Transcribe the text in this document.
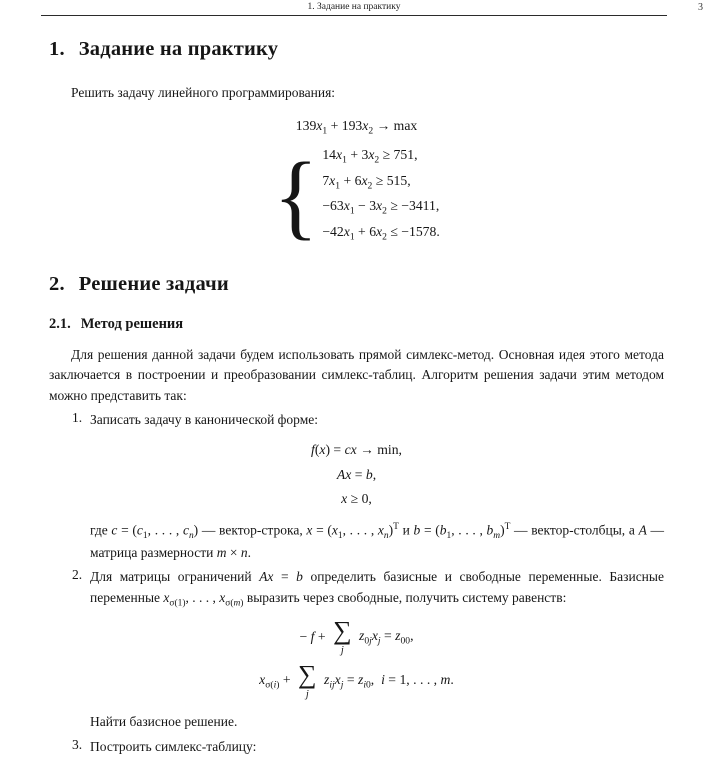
1. Задание на практику	3
1. Задание на практику

Решить задачу линейного программирования:

$139x_1 + 193x_2 \to \max$
{ $14x_1 + 3x_2 \ge 751$,
$7x_1 + 6x_2 \ge 515$,
$-63x_1 - 3x_2 \ge -3411$,
$-42x_1 + 6x_2 \le -1578$.
2. Решение задачи
2.1. Метод решения

Для решения данной задачи будем использовать прямой симлекс-метод. Основная идея этого метода заключается в построении и преобразовании симлекс-таблиц. Алгоритм решения задачи этим методом можно представить так:

1. Записать задачу в канонической форме:
f(x) = cx → min,
Ax = b,
x ≥ 0,
где $c = (c_1$, . . . , $c_n$) — вектор-строка, $x = (x_1$, . . . , $x_n)^T$ и $b = (b_1$, . . . , $b_m)^T$ — вектор-столбцы, а A — матрица размерности m × n.
2. Для матрицы ограничений Ax = b определить базисные и свободные переменные. Базисные переменные $x_{\sigma(1)}$, . . . , $x_{\sigma(m)}$ выразить через свободные, получить систему равенств:
− f + ∑
j
$z_{0j}x_j = z_{00}$,
$x_{\sigma(i)}$ + ∑
j
$z_{ij}x_j = z_{i0}$,  i = 1, . . . , m.
Найти базисное решение.
3. Построить симлекс-таблицу:
